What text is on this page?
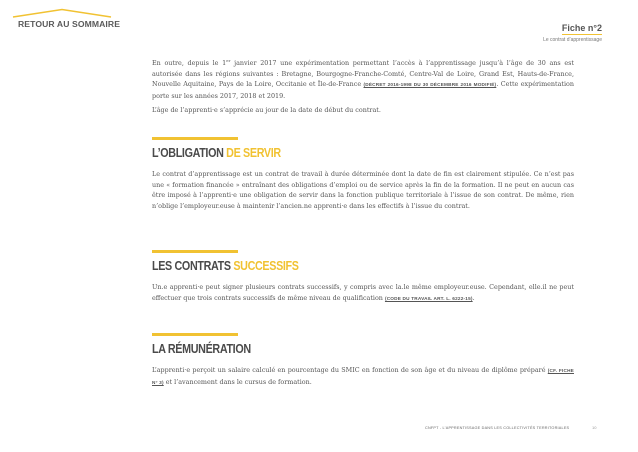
RETOUR AU SOMMAIRE	Fiche n°2
Le contrat d’apprentissage

En outre, depuis le 1er janvier 2017 une expérimentation permettant l’accès à l’apprentissage jusqu’à l’âge de 30 ans est autorisée dans les régions suivantes : Bretagne, Bourgogne-Franche-Comté, Centre-Val de Loire, Grand Est, Hauts-de-France, Nouvelle Aquitaine, Pays de la Loire, Occitanie et Île-de-France (DÉCRET 2016-1998 DU 30 DÉCEMBRE 2016 MODIFIÉ). Cette expérimentation porte sur les années 2017, 2018 et 2019.

L’âge de l’apprenti·e s’apprécie au jour de la date de début du contrat.

L’OBLIGATION DE SERVIR

Le contrat d’apprentissage est un contrat de travail à durée déterminée dont la date de fin est clairement stipulée. Ce n’est pas une « formation financée » entraînant des obligations d’emploi ou de service après la fin de la formation. Il ne peut en aucun cas être imposé à l’apprenti·e une obligation de servir dans la fonction publique territoriale à l’issue de son contrat. De même, rien n’oblige l’employeur.euse à maintenir l’ancien.ne apprenti·e dans les effectifs à l’issue du contrat.

LES CONTRATS SUCCESSIFS

Un.e apprenti·e peut signer plusieurs contrats successifs, y compris avec la.le même employeur.euse. Cependant, elle.il ne peut effectuer que trois contrats successifs de même niveau de qualification (CODE DU TRAVAIL ART. L. 6222-15).

LA RÉMUNÉRATION

L’apprenti·e perçoit un salaire calculé en pourcentage du SMIC en fonction de son âge et du niveau de diplôme préparé (CF. FICHE N° 3) et l’avancement dans le cursus de formation.

CNFPT - L’APPRENTISSAGE DANS LES COLLECTIVITÉS TERRITORIALES	10
